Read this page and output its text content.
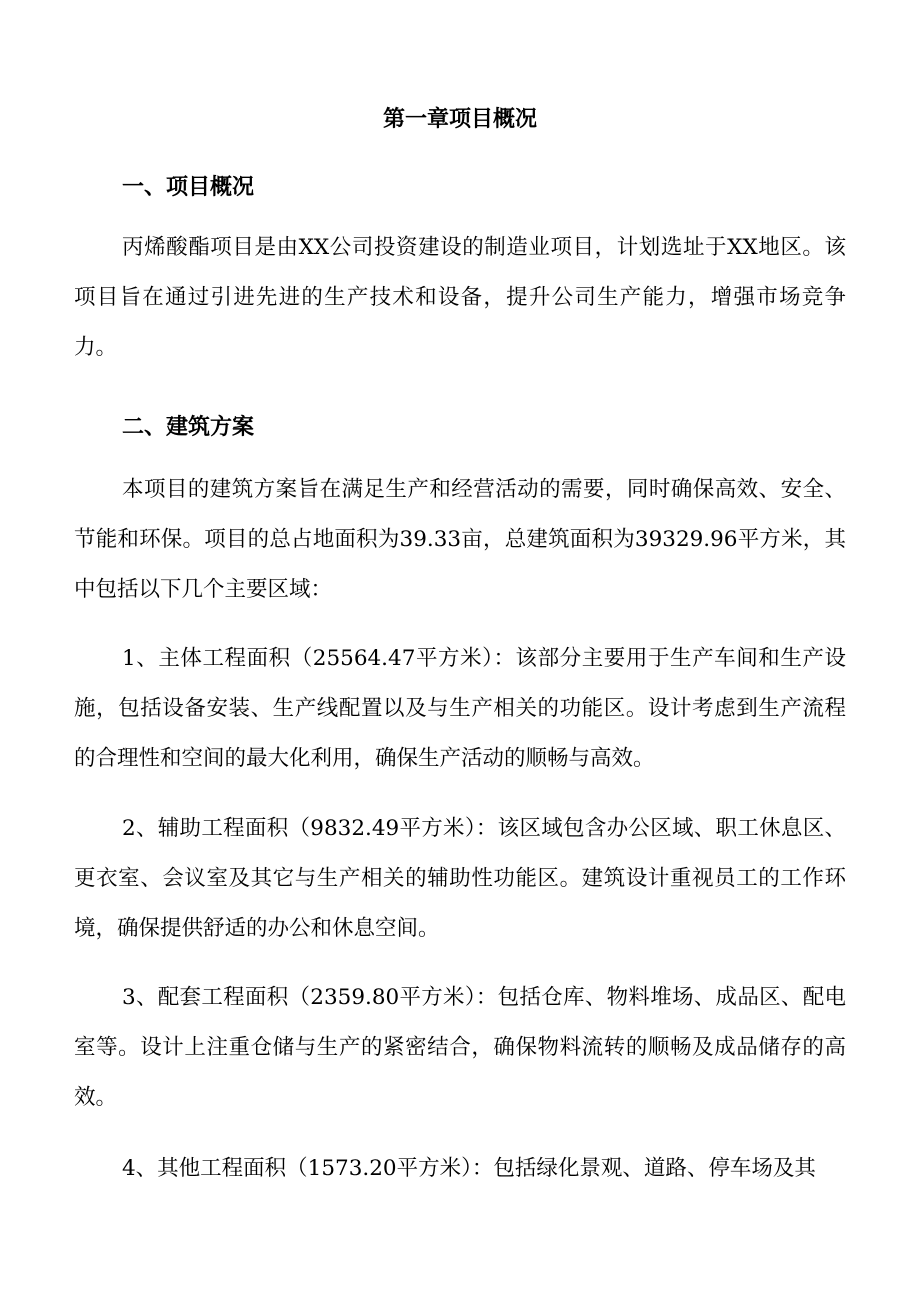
第一章项目概况
一、项目概况

丙烯酸酯项目是由XX公司投资建设的制造业项目，计划选址于XX地区。该项目旨在通过引进先进的生产技术和设备，提升公司生产能力，增强市场竞争力。

二、建筑方案

本项目的建筑方案旨在满足生产和经营活动的需要，同时确保高效、安全、节能和环保。项目的总占地面积为39.33亩，总建筑面积为39329.96平方米，其中包括以下几个主要区域：

1、主体工程面积（25564.47平方米）：该部分主要用于生产车间和生产设施，包括设备安装、生产线配置以及与生产相关的功能区。设计考虑到生产流程的合理性和空间的最大化利用，确保生产活动的顺畅与高效。

2、辅助工程面积（9832.49平方米）：该区域包含办公区域、职工休息区、更衣室、会议室及其它与生产相关的辅助性功能区。建筑设计重视员工的工作环境，确保提供舒适的办公和休息空间。

3、配套工程面积（2359.80平方米）：包括仓库、物料堆场、成品区、配电室等。设计上注重仓储与生产的紧密结合，确保物料流转的顺畅及成品储存的高效。

4、其他工程面积（1573.20平方米）：包括绿化景观、道路、停车场及其
